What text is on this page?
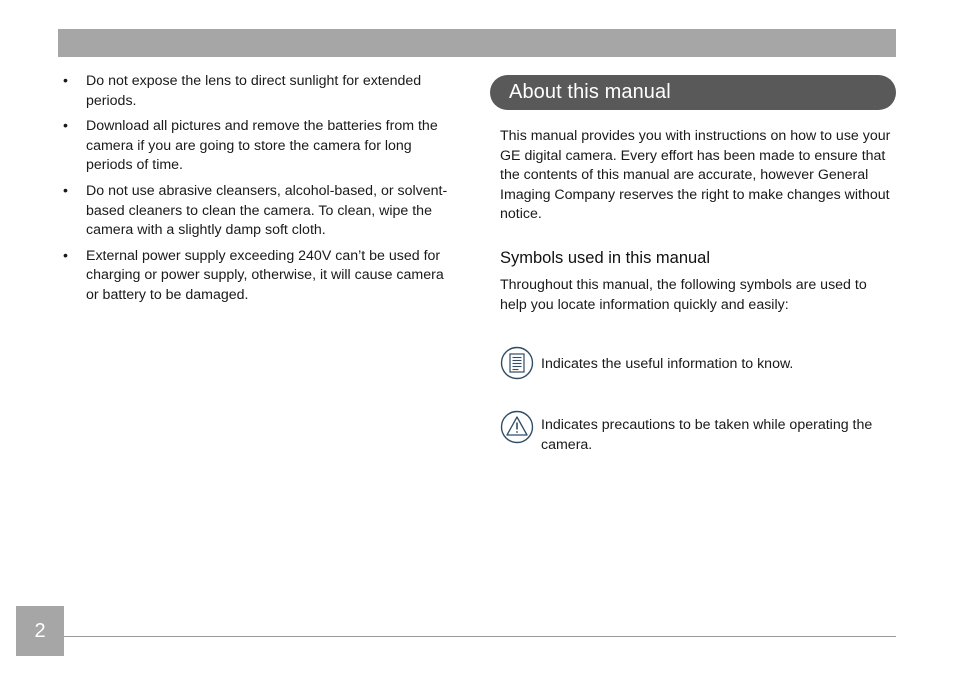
• Do not expose the lens to direct sunlight for extended periods.
• Download all pictures and remove the batteries from the camera if you are going to store the camera for long periods of time.
• Do not use abrasive cleansers, alcohol-based, or solvent-based cleaners to clean the camera. To clean, wipe the camera with a slightly damp soft cloth.
• External power supply exceeding 240V can’t be used for charging or power supply, otherwise, it will cause camera or battery to be damaged.
About this manual

This manual provides you with instructions on how to use your GE digital camera. Every effort has been made to ensure that the contents of this manual are accurate, however General Imaging Company reserves the right to make changes without notice.

Symbols used in this manual

Throughout this manual, the following symbols are used to help you locate information quickly and easily:

Indicates the useful information to know.
Indicates precautions to be taken while operating the camera.
2
